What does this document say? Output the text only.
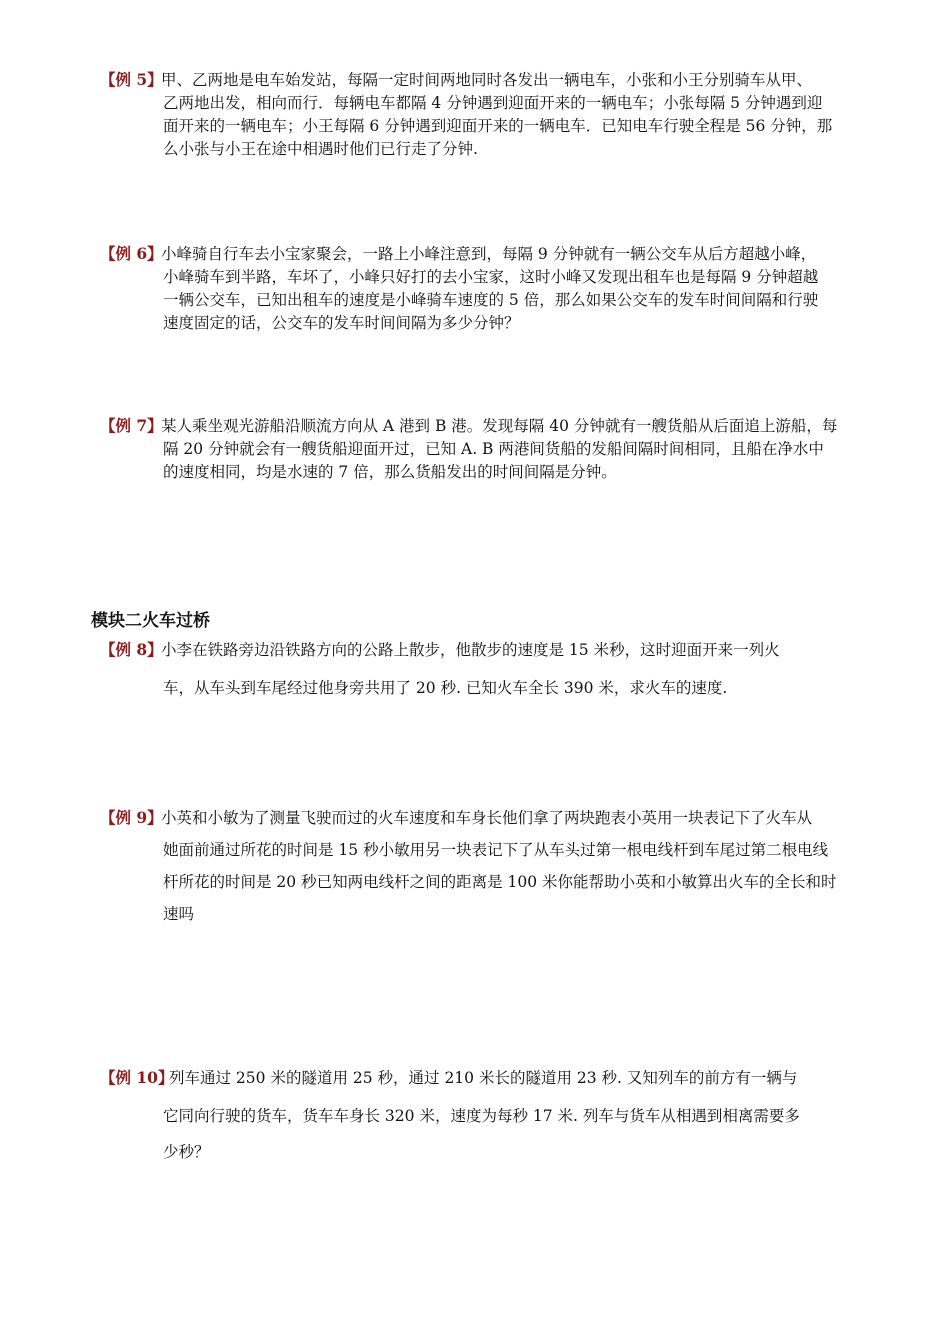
【例 5】
甲、乙两地是电车始发站，每隔一定时间两地同时各发出一辆电车，小张和小王分别骑车从甲、
乙两地出发，相向而行．每辆电车都隔 4 分钟遇到迎面开来的一辆电车；小张每隔 5 分钟遇到迎
面开来的一辆电车；小王每隔 6 分钟遇到迎面开来的一辆电车．已知电车行驶全程是 56 分钟，那
么小张与小王在途中相遇时他们已行走了分钟.
【例 6】
小峰骑自行车去小宝家聚会，一路上小峰注意到，每隔 9 分钟就有一辆公交车从后方超越小峰，
小峰骑车到半路，车坏了，小峰只好打的去小宝家，这时小峰又发现出租车也是每隔 9 分钟超越
一辆公交车，已知出租车的速度是小峰骑车速度的 5 倍，那么如果公交车的发车时间间隔和行驶
速度固定的话，公交车的发车时间间隔为多少分钟？
【例 7】
某人乘坐观光游船沿顺流方向从 A 港到 B 港。发现每隔 40 分钟就有一艘货船从后面追上游船，每
隔 20 分钟就会有一艘货船迎面开过，已知 A. B 两港间货船的发船间隔时间相同，且船在净水中
的速度相同，均是水速的 7 倍，那么货船发出的时间间隔是分钟。
模块二火车过桥
【例 8】
小李在铁路旁边沿铁路方向的公路上散步，他散步的速度是 15 米秒，这时迎面开来一列火
车，从车头到车尾经过他身旁共用了 20 秒. 已知火车全长 390 米，求火车的速度.
【例 9】
小英和小敏为了测量飞驶而过的火车速度和车身长他们拿了两块跑表小英用一块表记下了火车从
她面前通过所花的时间是 15 秒小敏用另一块表记下了从车头过第一根电线杆到车尾过第二根电线
杆所花的时间是 20 秒已知两电线杆之间的距离是 100 米你能帮助小英和小敏算出火车的全长和时
速吗
【例 10】
列车通过 250 米的隧道用 25 秒，通过 210 米长的隧道用 23 秒. 又知列车的前方有一辆与
它同向行驶的货车，货车车身长 320 米，速度为每秒 17 米. 列车与货车从相遇到相离需要多
少秒？
